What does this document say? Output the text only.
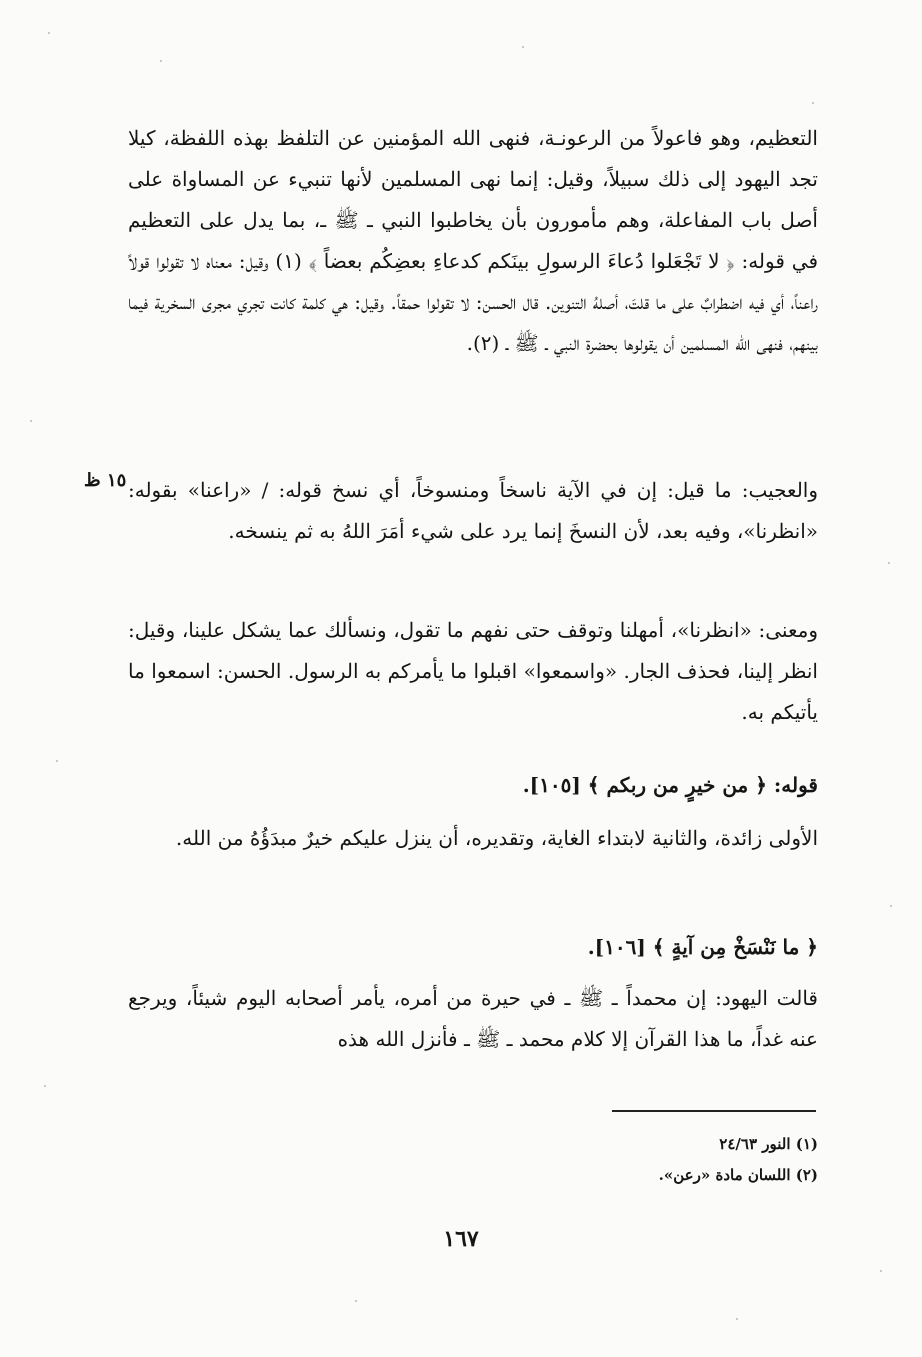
التعظيم، وهو فاعولاً من الرعونـة، فنهى الله المؤمنين عن التلفظ بهذه اللفظة، كيلا تجد اليهود إلى ذلك سبيلاً، وقيل: إنما نهى المسلمين لأنها تنبيء عن المساواة على أصل باب المفاعلة، وهم مأمورون بأن يخاطبوا النبي ـ ﷺ ـ، بما يدل على التعظيم في قوله: ﴿ لا تَجْعَلوا دُعاءَ الرسولِ بينَكم كدعاءِ بعضِكُم بعضاً ﴾ (١) وقيل: معناه لا تقولوا قولاً راعناً، أي فيه اضطرابٌ على ما قلتَ، أصلهُ التنوين. قال الحسن: لا تقولوا حمقاً. وقيل: هي كلمة كانت تجري مجرى السخرية فيما بينهم، فنهى الله المسلمين أن يقولوها بحضرة النبي ـ ﷺ ـ (٢).
١٥ ظ والعجيب: ما قيل: إن في الآية ناسخاً ومنسوخاً، أي نسخ قوله: / «راعنا» بقوله: «انظرنا»، وفيه بعد، لأن النسخَ إنما يرد على شيء أمَرَ اللهُ به ثم ينسخه.
ومعنى: «انظرنا»، أمهلنا وتوقف حتى نفهم ما تقول، ونسألك عما يشكل علينا، وقيل: انظر إلينا، فحذف الجار. «واسمعوا» اقبلوا ما يأمركم به الرسول. الحسن: اسمعوا ما يأتيكم به.
قوله: ﴿ من خيرٍ من ربكم ﴾ [١٠٥].
الأولى زائدة، والثانية لابتداء الغاية، وتقديره، أن ينزل عليكم خيرٌ مبدَؤُهُ من الله.
﴿ ما نَنْسَخْ مِن آيةٍ ﴾ [١٠٦].
قالت اليهود: إن محمداً ـ ﷺ ـ في حيرة من أمره، يأمر أصحابه اليوم شيئاً، ويرجع عنه غداً، ما هذا القرآن إلا كلام محمد ـ ﷺ ـ فأنزل الله هذه
(١) النور ٢٤/٦٣
(٢) اللسان مادة «رعن».
١٦٧
